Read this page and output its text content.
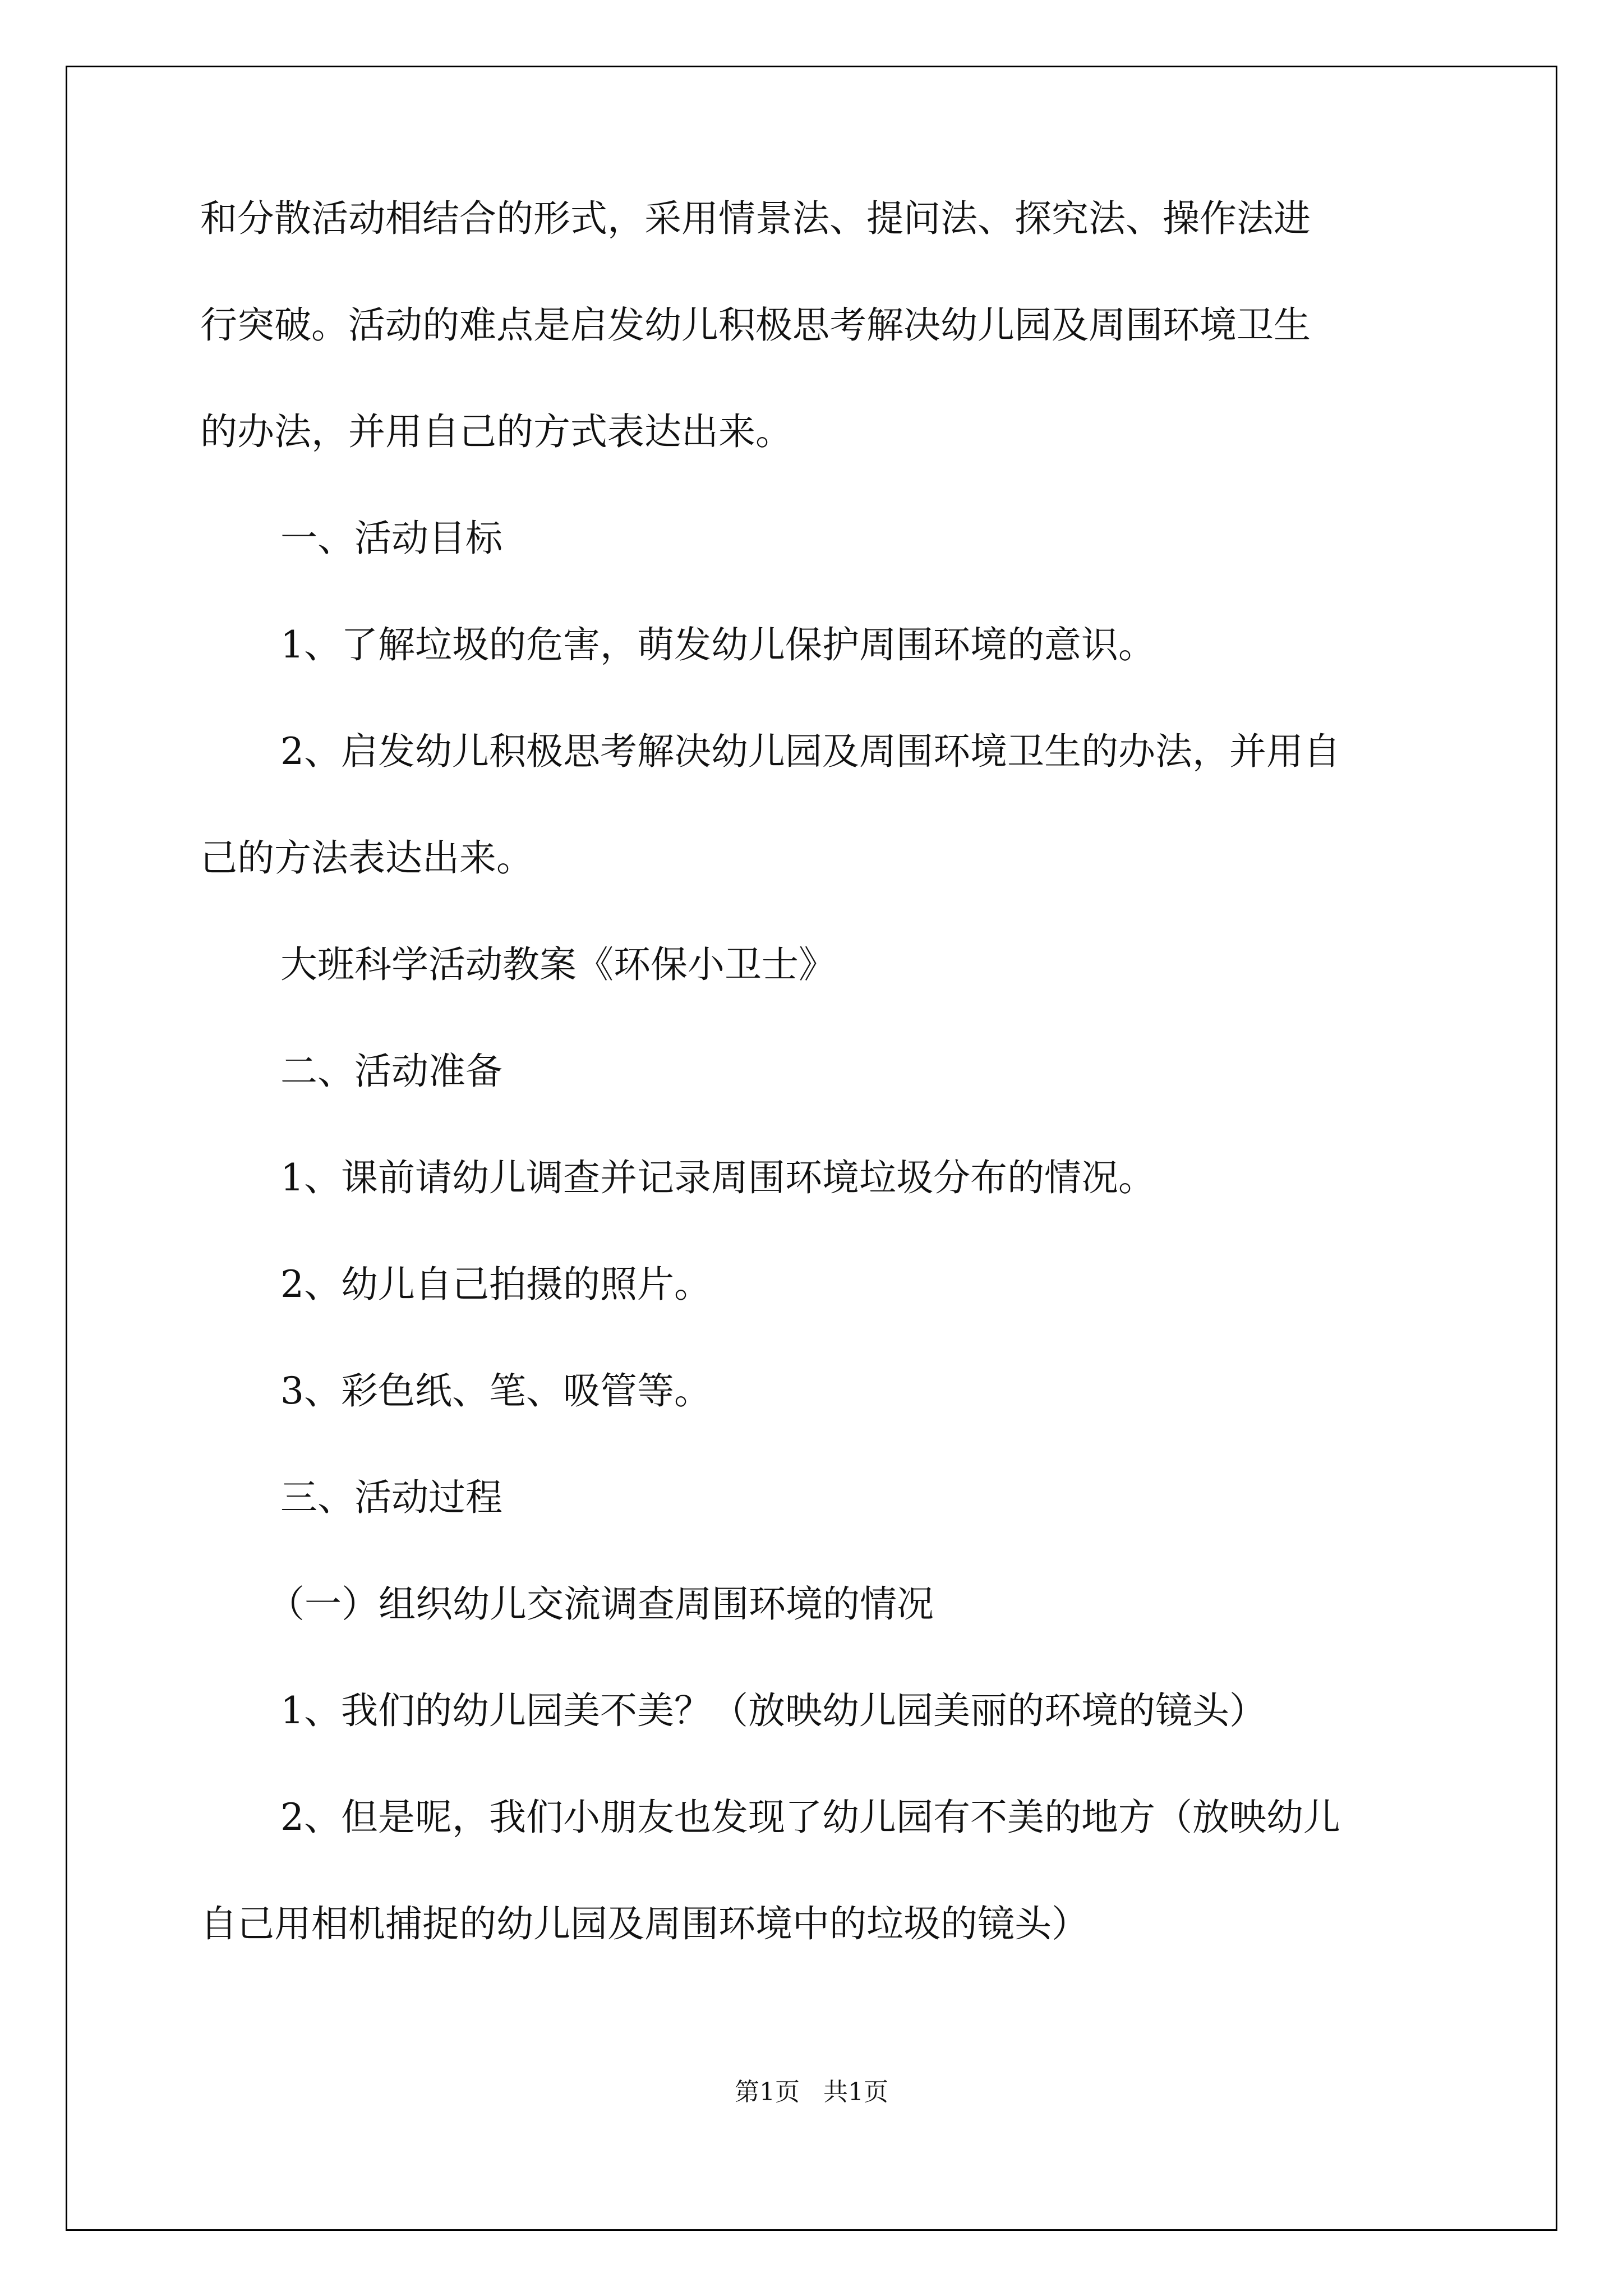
和分散活动相结合的形式，采用情景法、提问法、探究法、操作法进
行突破。活动的难点是启发幼儿积极思考解决幼儿园及周围环境卫生
的办法，并用自己的方式表达出来。
一、活动目标
1、了解垃圾的危害，萌发幼儿保护周围环境的意识。
2、启发幼儿积极思考解决幼儿园及周围环境卫生的办法，并用自
己的方法表达出来。
大班科学活动教案《环保小卫士》
二、活动准备
1、课前请幼儿调查并记录周围环境垃圾分布的情况。
2、幼儿自己拍摄的照片。
3、彩色纸、笔、吸管等。
三、活动过程
（一）组织幼儿交流调查周围环境的情况
1、我们的幼儿园美不美？（放映幼儿园美丽的环境的镜头）
2、但是呢，我们小朋友也发现了幼儿园有不美的地方（放映幼儿
自己用相机捕捉的幼儿园及周围环境中的垃圾的镜头）
第1页   共1页
